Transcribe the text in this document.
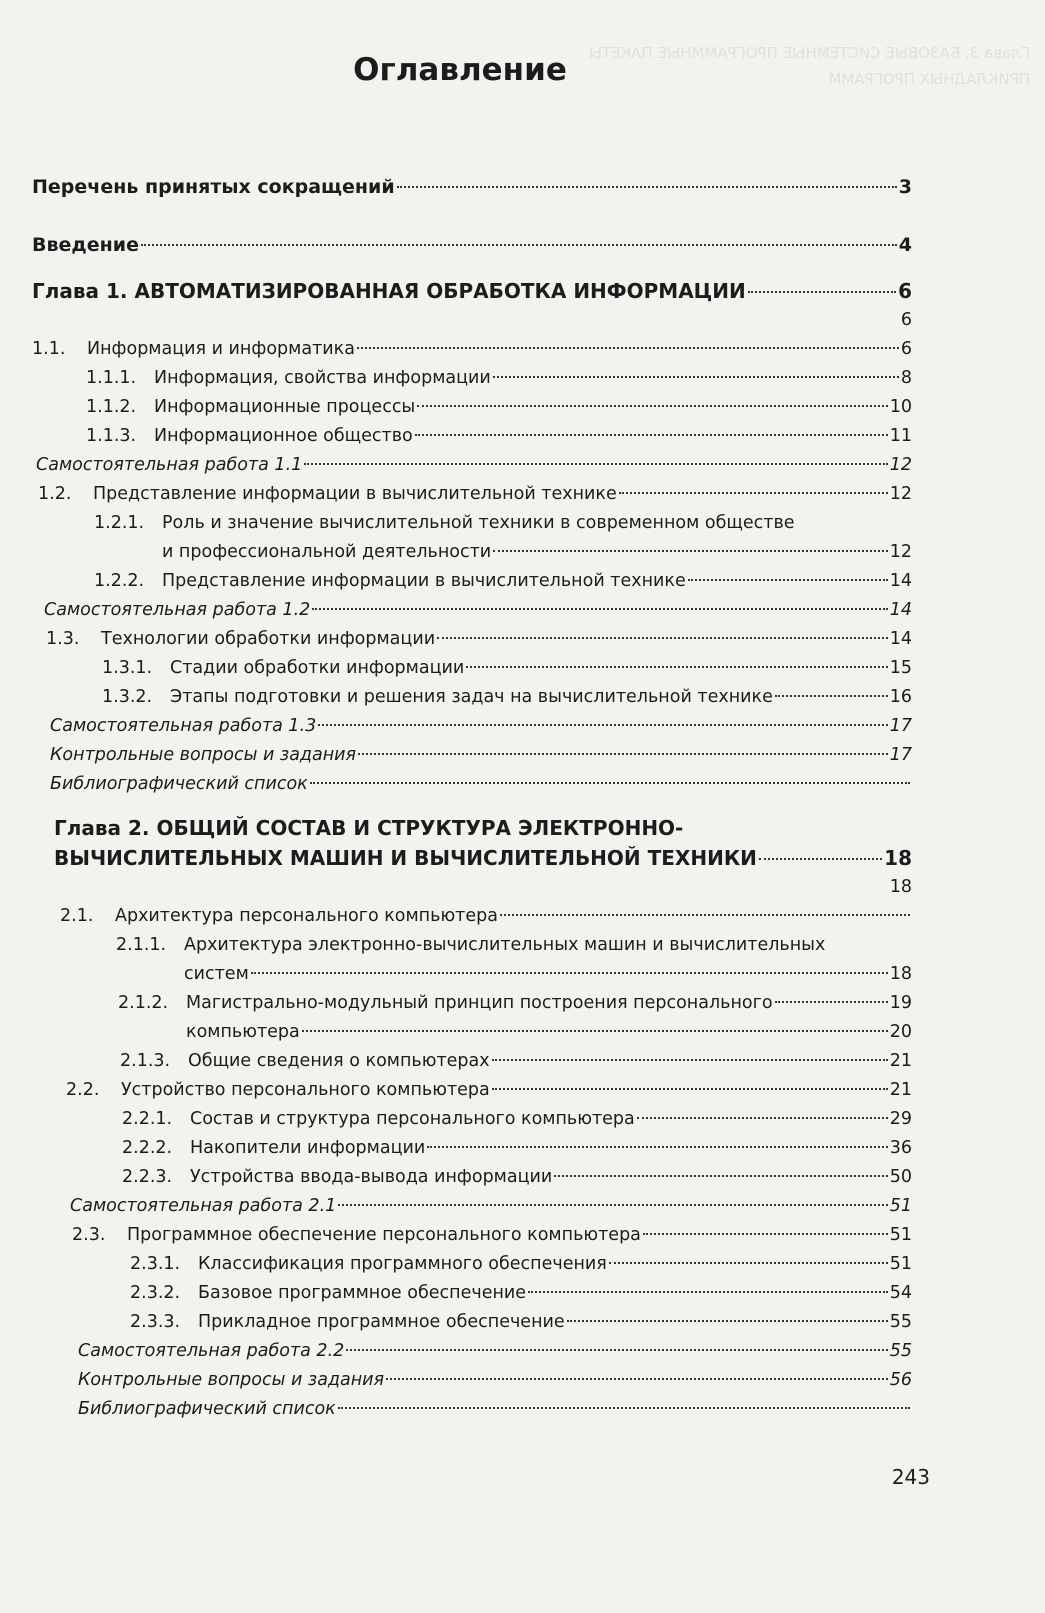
Глава 3. БАЗОВЫЕ СИСТЕМНЫЕ ПРОГРАММНЫЕ ПАКЕТЫ ПРИКЛАДНЫХ ПРОГРАММ
Оглавление
Перечень принятых сокращений	3
Введение	4
Глава 1. АВТОМАТИЗИРОВАННАЯ ОБРАБОТКА ИНФОРМАЦИИ	6
6
1.1.	Информация и информатика	6
1.1.1.	Информация, свойства информации	8
1.1.2.	Информационные процессы	10
1.1.3.	Информационное общество	11
Самостоятельная работа 1.1	12
1.2.	Представление информации в вычислительной технике	12
1.2.1.	Роль и значение вычислительной техники в современном обществе
и профессиональной деятельности	12
1.2.2.	Представление информации в вычислительной технике	14
Самостоятельная работа 1.2	14
1.3.	Технологии обработки информации	14
1.3.1.	Стадии обработки информации	15
1.3.2.	Этапы подготовки и решения задач на вычислительной технике	16
Самостоятельная работа 1.3	17
Контрольные вопросы и задания	17
Библиографический список
Глава 2. ОБЩИЙ СОСТАВ И СТРУКТУРА ЭЛЕКТРОННО-
ВЫЧИСЛИТЕЛЬНЫХ МАШИН И ВЫЧИСЛИТЕЛЬНОЙ ТЕХНИКИ	18
18
2.1.	Архитектура персонального компьютера
2.1.1.	Архитектура электронно-вычислительных машин и вычислительных
систем	18
2.1.2.	Магистрально-модульный принцип построения персонального	19
компьютера	20
2.1.3.	Общие сведения о компьютерах	21
2.2.	Устройство персонального компьютера	21
2.2.1.	Состав и структура персонального компьютера	29
2.2.2.	Накопители информации	36
2.2.3.	Устройства ввода-вывода информации	50
Самостоятельная работа 2.1	51
2.3.	Программное обеспечение персонального компьютера	51
2.3.1.	Классификация программного обеспечения	51
2.3.2.	Базовое программное обеспечение	54
2.3.3.	Прикладное программное обеспечение	55
Самостоятельная работа 2.2	55
Контрольные вопросы и задания	56
Библиографический список
243
